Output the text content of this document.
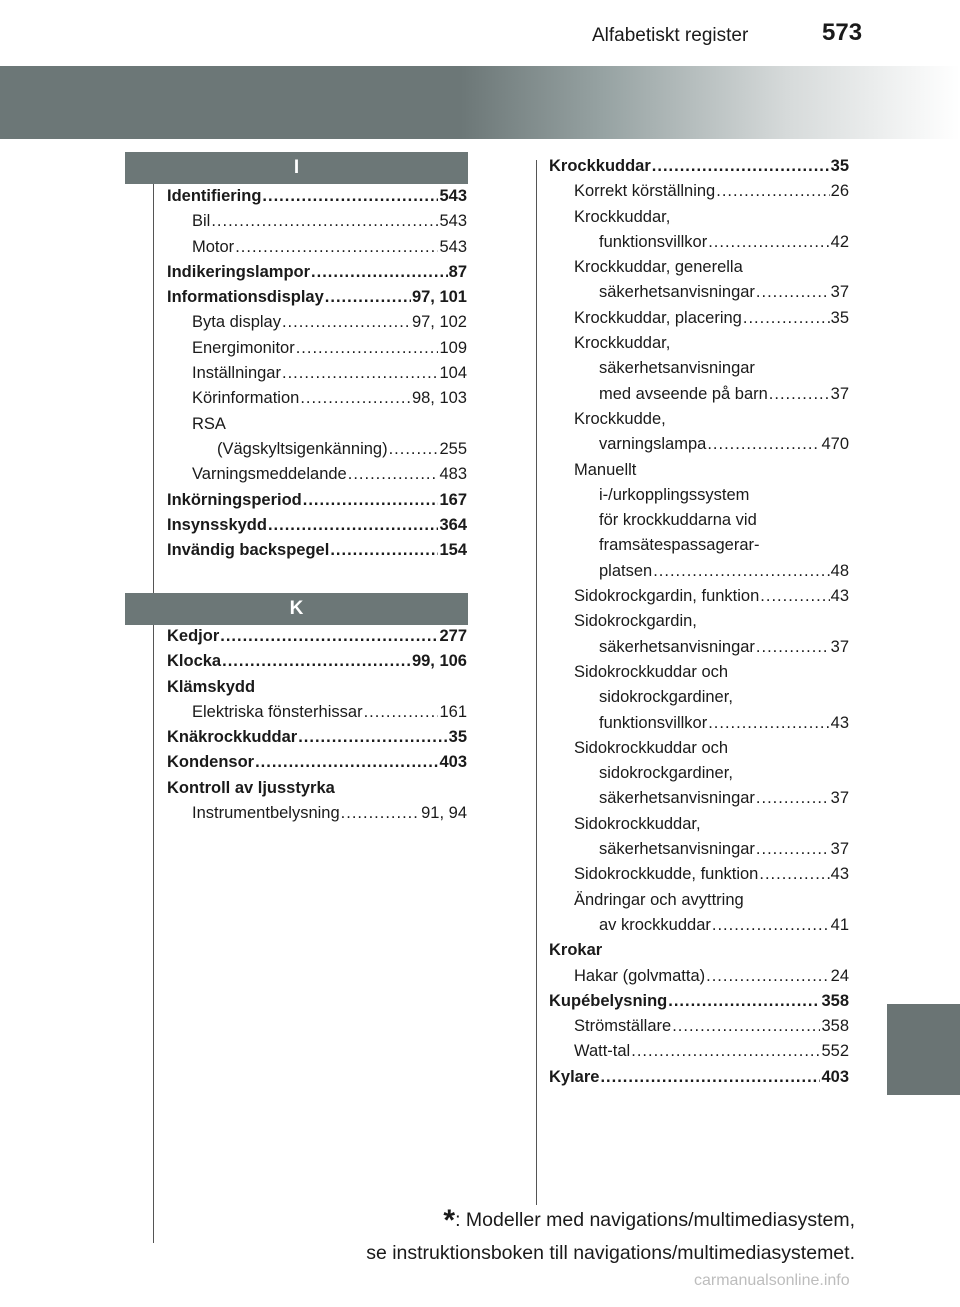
573
Alfabetiskt register
I
Identifiering .....	543
Bil .....	543
Motor .....	543
Indikeringslampor .....	87
Informationsdisplay .....	97, 101
Byta display .....	97, 102
Energimonitor .....	109
Inställningar .....	104
Körinformation .....	98, 103
RSA
(Vägskyltsigenkänning) .....	255
Varningsmeddelande .....	483
Inkörningsperiod .....	167
Insynsskydd .....	364
Invändig backspegel .....	154
K
Kedjor .....	277
Klocka .....	99, 106
Klämskydd
Elektriska fönsterhissar .....	161
Knäkrockkuddar .....	35
Kondensor .....	403
Kontroll av ljusstyrka
Instrumentbelysning .....	91, 94
Krockkuddar .....	35
Korrekt körställning .....	26
Krockkuddar,
funktionsvillkor .....	42
Krockkuddar, generella
säkerhetsanvisningar .....	37
Krockkuddar, placering .....	35
Krockkuddar,
säkerhetsanvisningar
med avseende på barn .....	37
Krockkudde,
varningslampa .....	470
Manuellt
i-/urkopplingssystem
för krockkuddarna vid
framsätespassagerar-
platsen .....	48
Sidokrockgardin, funktion .....	43
Sidokrockgardin,
säkerhetsanvisningar .....	37
Sidokrockkuddar och
sidokrockgardiner,
funktionsvillkor .....	43
Sidokrockkuddar och
sidokrockgardiner,
säkerhetsanvisningar .....	37
Sidokrockkuddar,
säkerhetsanvisningar .....	37
Sidokrockkudde, funktion .....	43
Ändringar och avyttring
av krockkuddar .....	41
Krokar
Hakar (golvmatta) .....	24
Kupébelysning .....	358
Strömställare .....	358
Watt-tal .....	552
Kylare .....	403
*: Modeller med navigations/multimediasystem,
se instruktionsboken till navigations/multimediasystemet.
carmanualsonline.info
